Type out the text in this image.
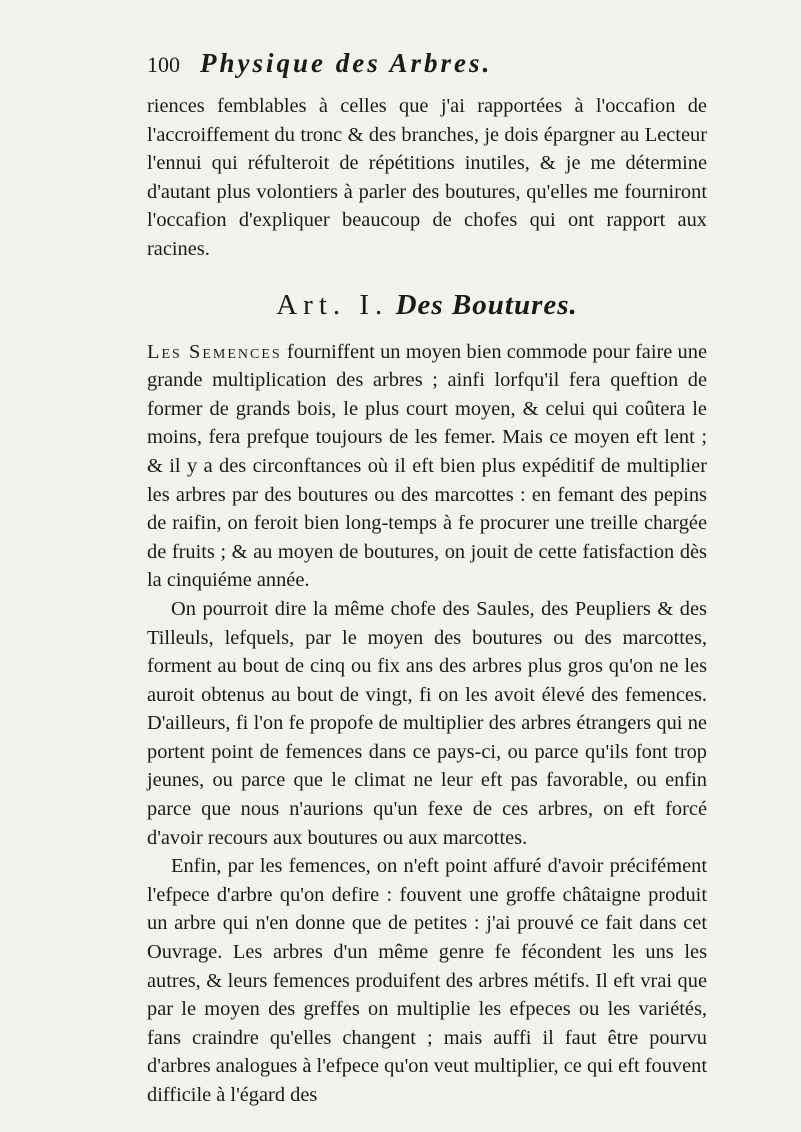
100 Physique des Arbres.

riences femblables à celles que j'ai rapportées à l'occafion de l'accroiffement du tronc & des branches, je dois épargner au Lecteur l'ennui qui réfulteroit de répétitions inutiles, & je me détermine d'autant plus volontiers à parler des boutures, qu'elles me fourniront l'occafion d'expliquer beaucoup de chofes qui ont rapport aux racines.

Art. I. Des Boutures.

Les Semences fourniffent un moyen bien commode pour faire une grande multiplication des arbres ; ainfi lorfqu'il fera queftion de former de grands bois, le plus court moyen, & celui qui coûtera le moins, fera prefque toujours de les femer. Mais ce moyen eft lent ; & il y a des circonftances où il eft bien plus expéditif de multiplier les arbres par des boutures ou des marcottes : en femant des pepins de raifin, on feroit bien long-temps à fe procurer une treille chargée de fruits ; & au moyen de boutures, on jouit de cette fatisfaction dès la cinquiéme année.

On pourroit dire la même chofe des Saules, des Peupliers & des Tilleuls, lefquels, par le moyen des boutures ou des marcottes, forment au bout de cinq ou fix ans des arbres plus gros qu'on ne les auroit obtenus au bout de vingt, fi on les avoit élevé des femences. D'ailleurs, fi l'on fe propofe de multiplier des arbres étrangers qui ne portent point de femences dans ce pays-ci, ou parce qu'ils font trop jeunes, ou parce que le climat ne leur eft pas favorable, ou enfin parce que nous n'aurions qu'un fexe de ces arbres, on eft forcé d'avoir recours aux boutures ou aux marcottes.

Enfin, par les femences, on n'eft point affuré d'avoir précifément l'efpece d'arbre qu'on defire : fouvent une groffe châtaigne produit un arbre qui n'en donne que de petites : j'ai prouvé ce fait dans cet Ouvrage. Les arbres d'un même genre fe fécondent les uns les autres, & leurs femences produifent des arbres métifs. Il eft vrai que par le moyen des greffes on multiplie les efpeces ou les variétés, fans craindre qu'elles changent ; mais auffi il faut être pourvu d'arbres analogues à l'efpece qu'on veut multiplier, ce qui eft fouvent difficile à l'égard des
